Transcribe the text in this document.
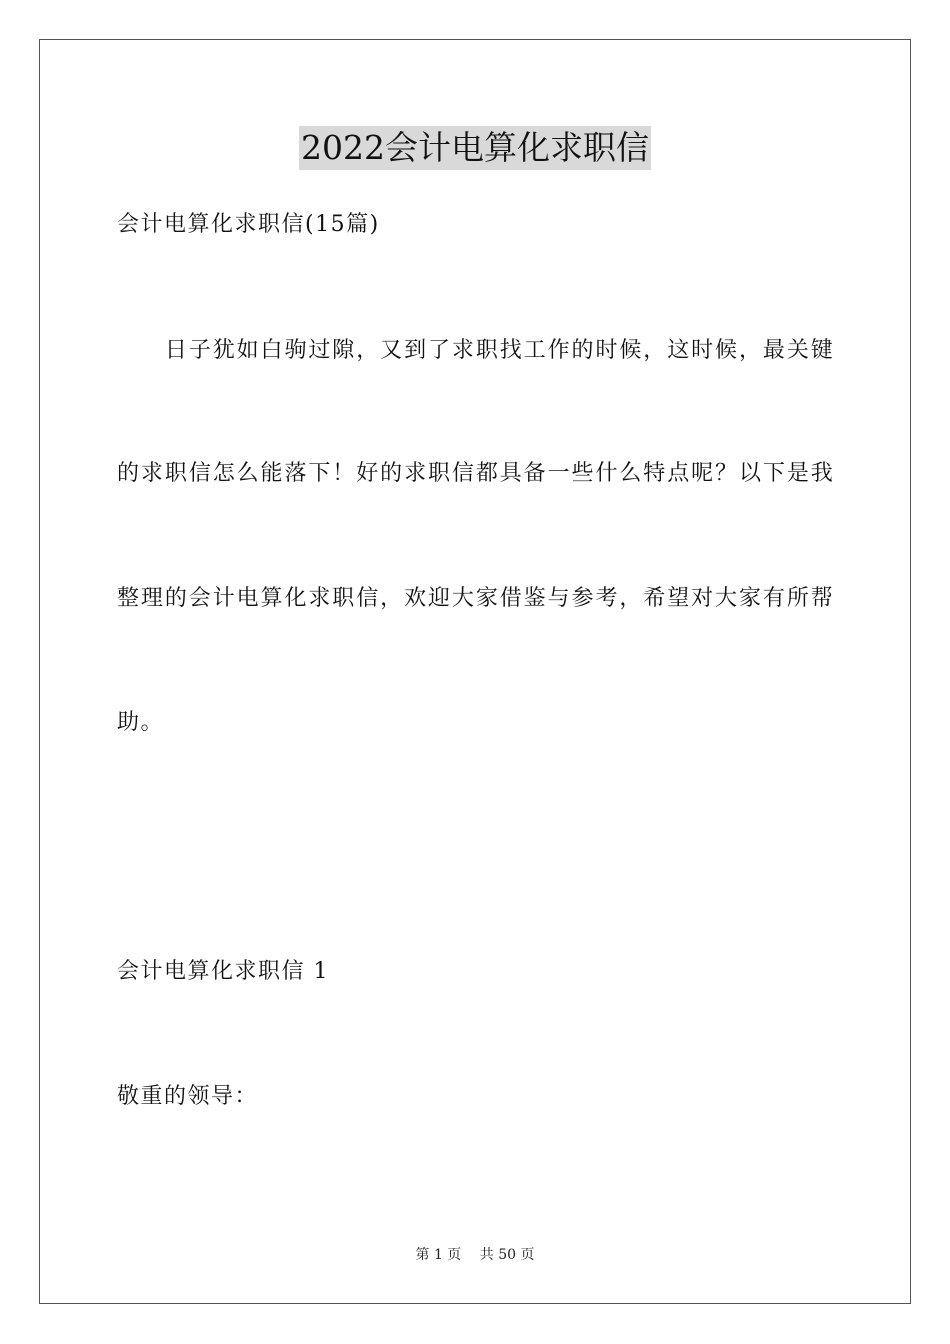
2022会计电算化求职信
会计电算化求职信(15篇)

日 子 犹 如 白 驹 过 隙 ， 又 到 了 求 职 找 工 作 的 时 候 ， 这 时 候 ， 最 关 键
的 求 职 信 怎 么 能 落 下 ！ 好 的 求 职 信 都 具 备 一 些 什 么 特 点 呢 ？ 以 下 是 我
整 理 的 会 计 电 算 化 求 职 信 ， 欢 迎 大 家 借 鉴 与 参 考 ， 希 望 对 大 家 有 所 帮
助。
会计电算化求职信 1
敬重的领导：
第 1 页　 共 50 页
